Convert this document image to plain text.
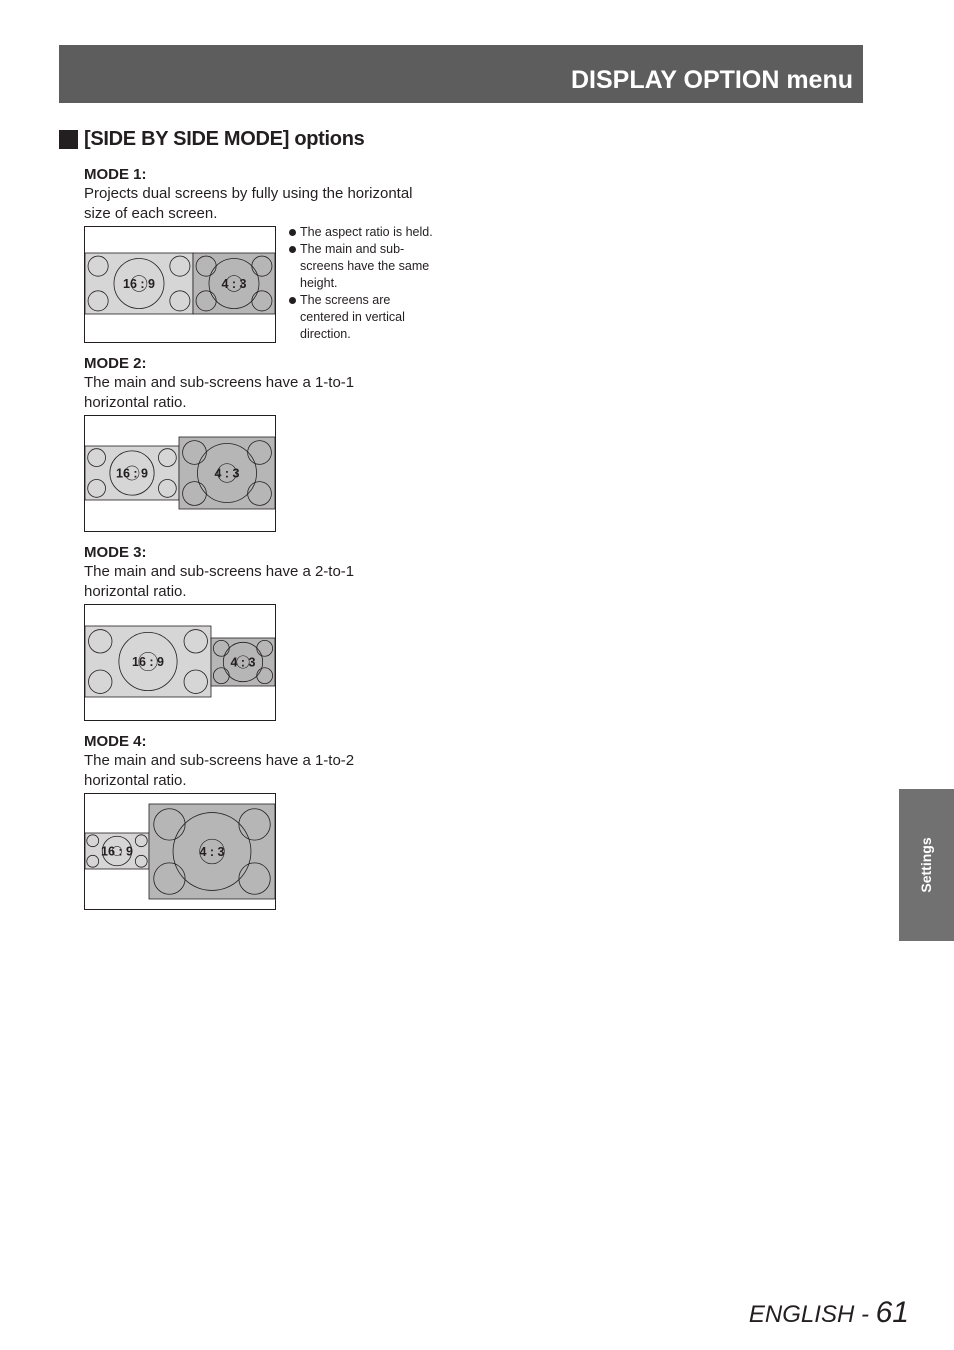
DISPLAY OPTION menu
[SIDE BY SIDE MODE] options
MODE 1:
Projects dual screens by fully using the horizontal
size of each screen.
16 : 9	4 : 3
The aspect ratio is held.
The main and sub-
screens have the same
height.
The screens are
centered in vertical
direction.
MODE 2:
The main and sub-screens have a 1-to-1
horizontal ratio.
16 : 9	4 : 3
MODE 3:
The main and sub-screens have a 2-to-1
horizontal ratio.
16 : 9	4 : 3
MODE 4:
The main and sub-screens have a 1-to-2
horizontal ratio.
16 : 9	4 : 3	Settings
ENGLISH - 61
